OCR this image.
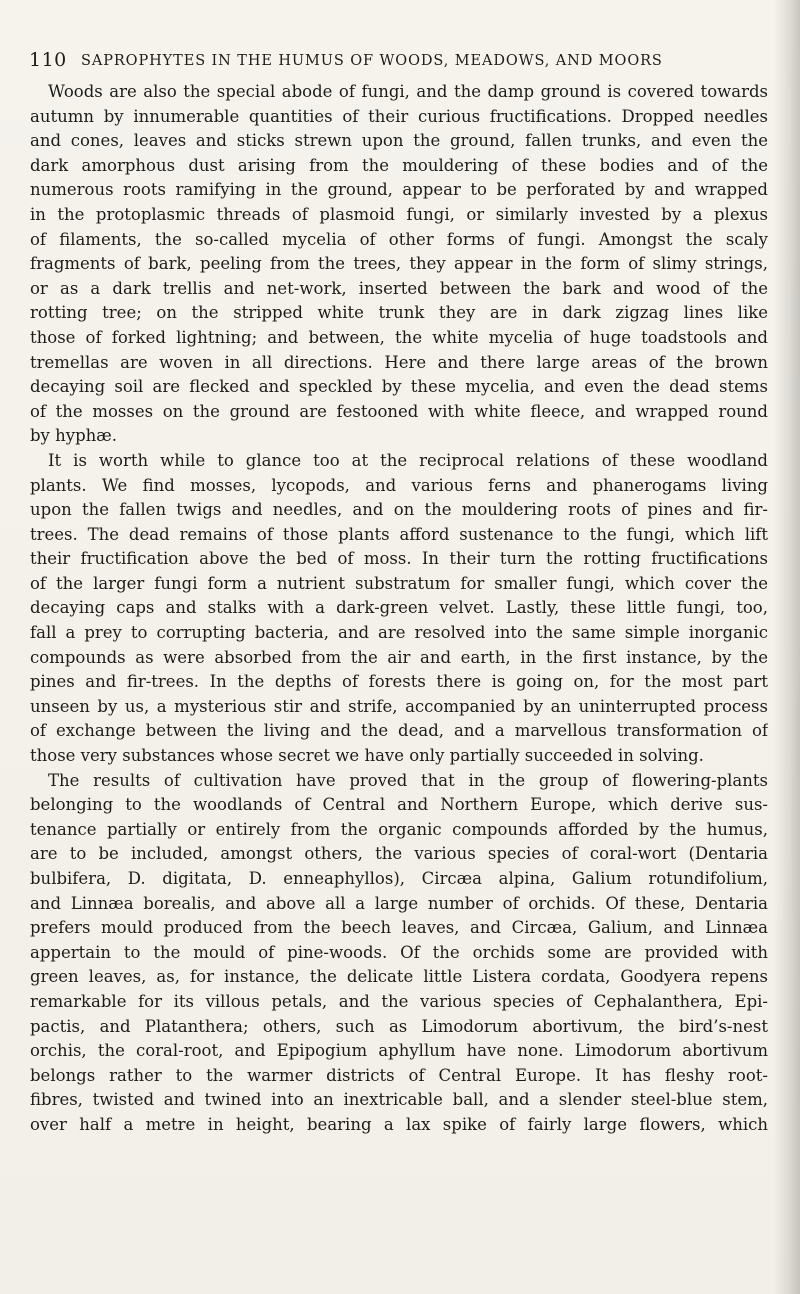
110 SAPROPHYTES IN THE HUMUS OF WOODS, MEADOWS, AND MOORS

Woods are also the special abode of fungi, and the damp ground is covered towards
autumn by innumerable quantities of their curious fructifications. Dropped needles
and cones, leaves and sticks strewn upon the ground, fallen trunks, and even the
dark amorphous dust arising from the mouldering of these bodies and of the
numerous roots ramifying in the ground, appear to be perforated by and wrapped
in the protoplasmic threads of plasmoid fungi, or similarly invested by a plexus
of filaments, the so-called mycelia of other forms of fungi. Amongst the scaly
fragments of bark, peeling from the trees, they appear in the form of slimy strings,
or as a dark trellis and net-work, inserted between the bark and wood of the
rotting tree; on the stripped white trunk they are in dark zigzag lines like
those of forked lightning; and between, the white mycelia of huge toadstools and
tremellas are woven in all directions. Here and there large areas of the brown
decaying soil are flecked and speckled by these mycelia, and even the dead stems
of the mosses on the ground are festooned with white fleece, and wrapped round
by hyphæ.

It is worth while to glance too at the reciprocal relations of these woodland
plants. We find mosses, lycopods, and various ferns and phanerogams living
upon the fallen twigs and needles, and on the mouldering roots of pines and fir-
trees. The dead remains of those plants afford sustenance to the fungi, which lift
their fructification above the bed of moss. In their turn the rotting fructifications
of the larger fungi form a nutrient substratum for smaller fungi, which cover the
decaying caps and stalks with a dark-green velvet. Lastly, these little fungi, too,
fall a prey to corrupting bacteria, and are resolved into the same simple inorganic
compounds as were absorbed from the air and earth, in the first instance, by the
pines and fir-trees. In the depths of forests there is going on, for the most part
unseen by us, a mysterious stir and strife, accompanied by an uninterrupted process
of exchange between the living and the dead, and a marvellous transformation of
those very substances whose secret we have only partially succeeded in solving.

The results of cultivation have proved that in the group of flowering-plants
belonging to the woodlands of Central and Northern Europe, which derive sus-
tenance partially or entirely from the organic compounds afforded by the humus,
are to be included, amongst others, the various species of coral-wort (Dentaria
bulbifera, D. digitata, D. enneaphyllos), Circæa alpina, Galium rotundifolium,
and Linnæa borealis, and above all a large number of orchids. Of these, Dentaria
prefers mould produced from the beech leaves, and Circæa, Galium, and Linnæa
appertain to the mould of pine-woods. Of the orchids some are provided with
green leaves, as, for instance, the delicate little Listera cordata, Goodyera repens
remarkable for its villous petals, and the various species of Cephalanthera, Epi-
pactis, and Platanthera; others, such as Limodorum abortivum, the bird’s-nest
orchis, the coral-root, and Epipogium aphyllum have none. Limodorum abortivum
belongs rather to the warmer districts of Central Europe. It has fleshy root-
fibres, twisted and twined into an inextricable ball, and a slender steel-blue stem,
over half a metre in height, bearing a lax spike of fairly large flowers, which
